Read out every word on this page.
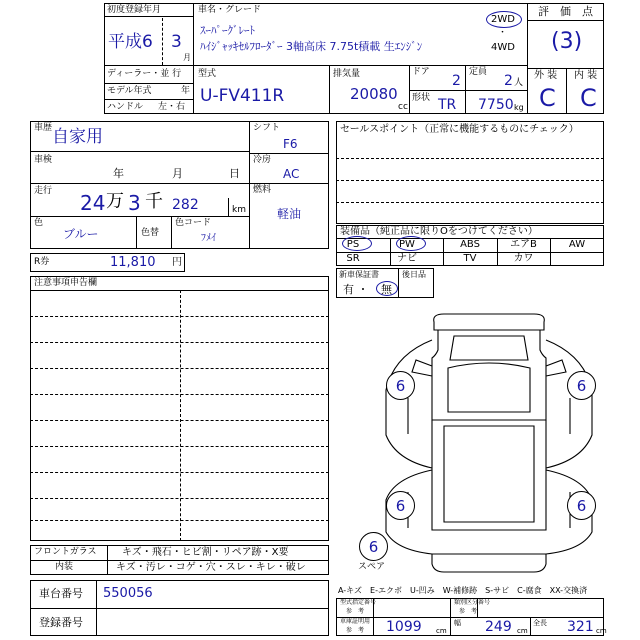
初度登録年月
平成6 3
月
車名・グレード
ｽｰﾊﾟｰｸﾞﾚｰﾄ
ﾊｲｼﾞｬｯｷｾﾙﾌﾛｰﾀﾞｰ 3軸高床 7.75t積載 生ｴﾝｼﾞﾝ
2WD
・
4WD
評　価　点
(3)
ディーラー・並 行
モデル年式	年
ハンドル 左・右
型式
U-FV411R
排気量
20080
cc
ドア
2
定員
2 人
形状 TR 7750 kg
外 装 内 装
C C
車歴 自家用
車検
年	月	日
走行 24 万 3 千 282	km
色
ブルー	色替
色コード
ﾌﾒｲ
シフト
F6
冷房
AC
燃料
軽油
R券	11,810 円
注意事項申告欄
フロントガラス	キズ・飛石・ヒビ割・リペア跡・X要
内装	キズ・汚レ・コゲ・穴・スレ・キレ・破レ
車台番号 550056
登録番号
セールスポイント（正常に機能するものにチェック）
装備品（純正品に限りOをつけてください）
PS	PW	ABS	エアB	AW
SR	ナビ	TV	カワ
新車保証書
有 ・ 無
後日品
6	6
6	6
6
スペア
A-キズ　E-エクボ　U-凹み　W-補修跡　S-サビ　C-腐食　XX-交換済
型式指定番号
参　考
類別区分番号
参　考
車庫証明用
参　考 1099 cm
幅 249 cm
全長 321 cm
